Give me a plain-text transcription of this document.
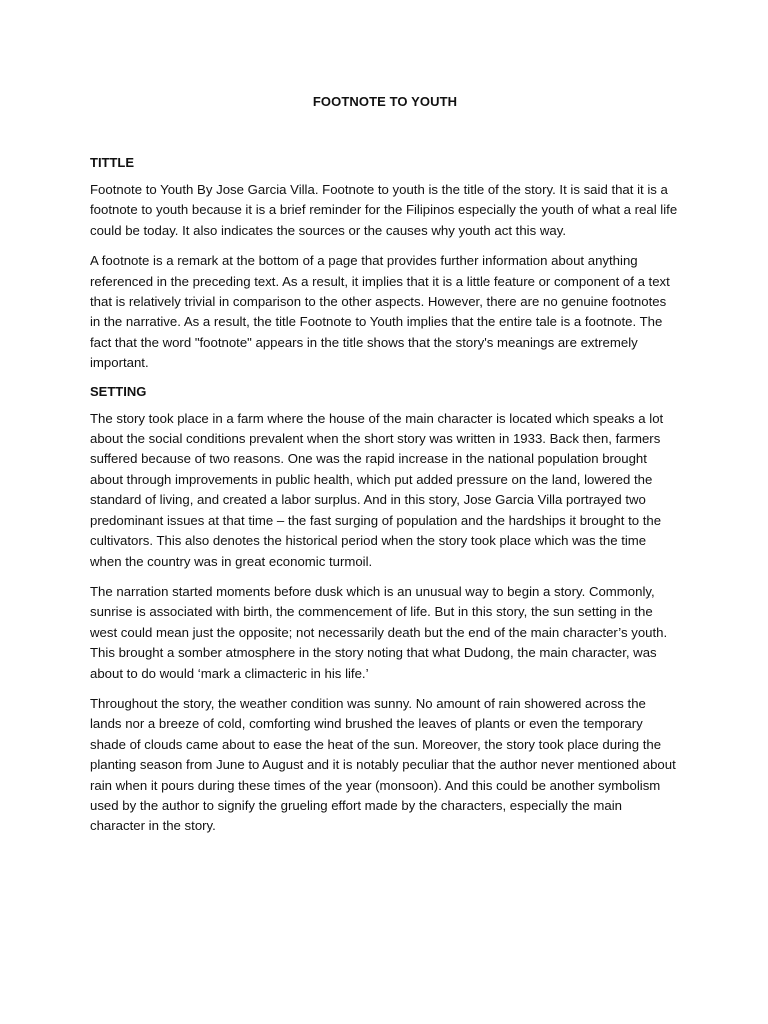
FOOTNOTE TO YOUTH
TITTLE

Footnote to Youth By Jose Garcia Villa. Footnote to youth is the title of the story. It is said that it is a footnote to youth because it is a brief reminder for the Filipinos especially the youth of what a real life could be today. It also indicates the sources or the causes why youth act this way.

A footnote is a remark at the bottom of a page that provides further information about anything referenced in the preceding text. As a result, it implies that it is a little feature or component of a text that is relatively trivial in comparison to the other aspects. However, there are no genuine footnotes in the narrative. As a result, the title Footnote to Youth implies that the entire tale is a footnote. The fact that the word "footnote" appears in the title shows that the story's meanings are extremely important.

SETTING

The story took place in a farm where the house of the main character is located which speaks a lot about the social conditions prevalent when the short story was written in 1933. Back then, farmers suffered because of two reasons. One was the rapid increase in the national population brought about through improvements in public health, which put added pressure on the land, lowered the standard of living, and created a labor surplus. And in this story, Jose Garcia Villa portrayed two predominant issues at that time – the fast surging of population and the hardships it brought to the cultivators. This also denotes the historical period when the story took place which was the time when the country was in great economic turmoil.

The narration started moments before dusk which is an unusual way to begin a story. Commonly, sunrise is associated with birth, the commencement of life. But in this story, the sun setting in the west could mean just the opposite; not necessarily death but the end of the main character’s youth. This brought a somber atmosphere in the story noting that what Dudong, the main character, was about to do would ‘mark a climacteric in his life.’

Throughout the story, the weather condition was sunny. No amount of rain showered across the lands nor a breeze of cold, comforting wind brushed the leaves of plants or even the temporary shade of clouds came about to ease the heat of the sun. Moreover, the story took place during the planting season from June to August and it is notably peculiar that the author never mentioned about rain when it pours during these times of the year (monsoon). And this could be another symbolism used by the author to signify the grueling effort made by the characters, especially the main character in the story.
